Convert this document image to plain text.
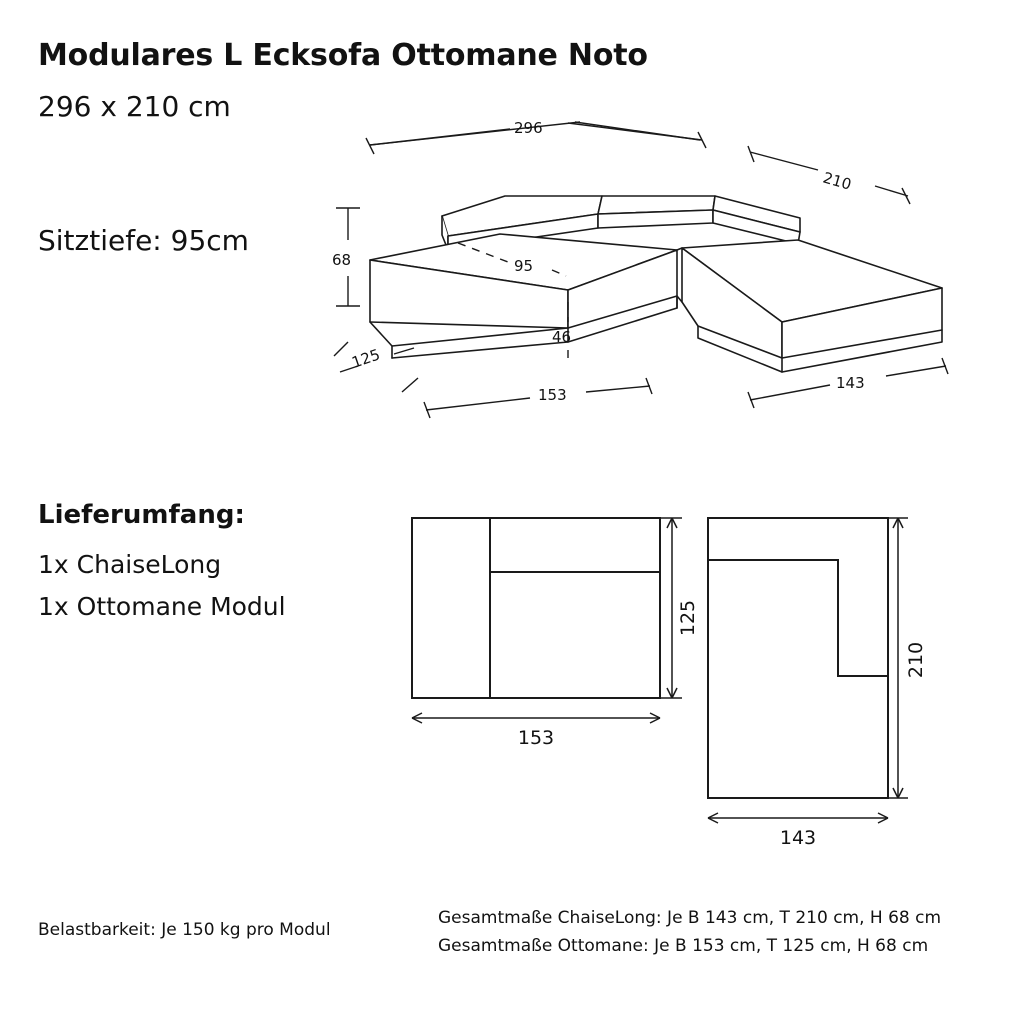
Modulares L Ecksofa Ottomane Noto
296 x 210 cm
Sitztiefe: 95cm
Lieferumfang:
1x ChaiseLong
1x Ottomane Modul
Belastbarkeit: Je 150 kg pro Modul
Gesamtmaße ChaiseLong: Je B 143 cm, T 210 cm, H 68 cm
Gesamtmaße Ottomane: Je B 153 cm, T 125 cm, H 68 cm
296
210
68	95
46
125
153
143
125
153
210
143
